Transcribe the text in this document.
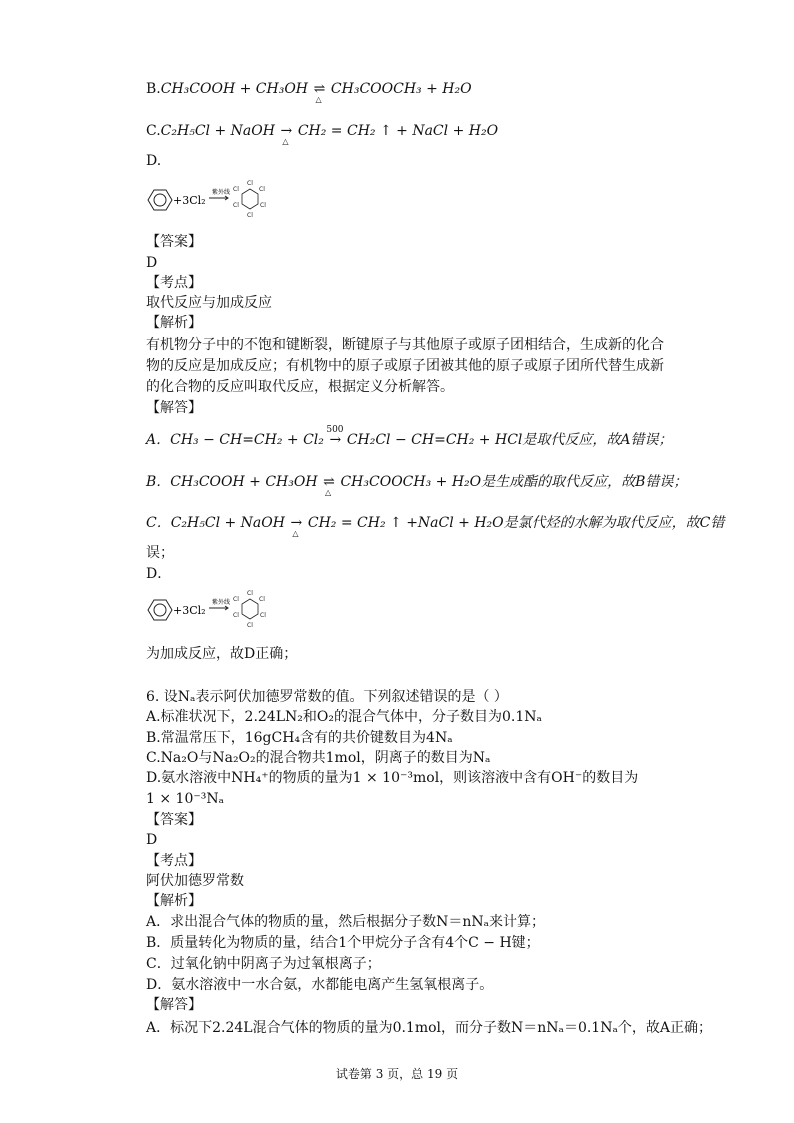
B.CH₃COOH + CH₃OH ⇌
△
CH₃COOCH₃ + H₂O
C.C₂H₅Cl + NaOH →
△
CH₂ = CH₂ ↑ + NaCl + H₂O
D.
+3Cl₂
紫外线
Cl
Cl
Cl
Cl
Cl
Cl
【答案】
D
【考点】
取代反应与加成反应
【解析】
有机物分子中的不饱和键断裂，断键原子与其他原子或原子团相结合，生成新的化合
物的反应是加成反应；有机物中的原子或原子团被其他的原子或原子团所代替生成新
的化合物的反应叫取代反应，根据定义分析解答。
【解答】
A．CH₃ − CH=CH₂ + Cl₂ →
500
CH₂Cl − CH=CH₂ + HCl是取代反应，故A错误；
B．CH₃COOH + CH₃OH ⇌
△
CH₃COOCH₃ + H₂O是生成酯的取代反应，故B错误；
C．C₂H₅Cl + NaOH →
△
CH₂ = CH₂ ↑ +NaCl + H₂O是氯代烃的水解为取代反应，故C错
误；
D．
+3Cl₂
紫外线
Cl
Cl
Cl
Cl
Cl
Cl
为加成反应，故D正确；
6. 设Nₐ表示阿伏加德罗常数的值。下列叙述错误的是（ ）
A.标准状况下，2.24LN₂和O₂的混合气体中，分子数目为0.1Nₐ
B.常温常压下，16gCH₄含有的共价键数目为4Nₐ
C.Na₂O与Na₂O₂的混合物共1mol，阴离子的数目为Nₐ
D.氨水溶液中NH₄⁺的物质的量为1 × 10⁻³mol，则该溶液中含有OH⁻的数目为
1 × 10⁻³Nₐ
【答案】
D
【考点】
阿伏加德罗常数
【解析】
A．求出混合气体的物质的量，然后根据分子数N＝nNₐ来计算；
B．质量转化为物质的量，结合1个甲烷分子含有4个C − H键；
C．过氧化钠中阴离子为过氧根离子；
D．氨水溶液中一水合氨，水都能电离产生氢氧根离子。
【解答】
A．标况下2.24L混合气体的物质的量为0.1mol，而分子数N＝nNₐ＝0.1Nₐ个，故A正确；
试卷第 3 页，总 19 页
